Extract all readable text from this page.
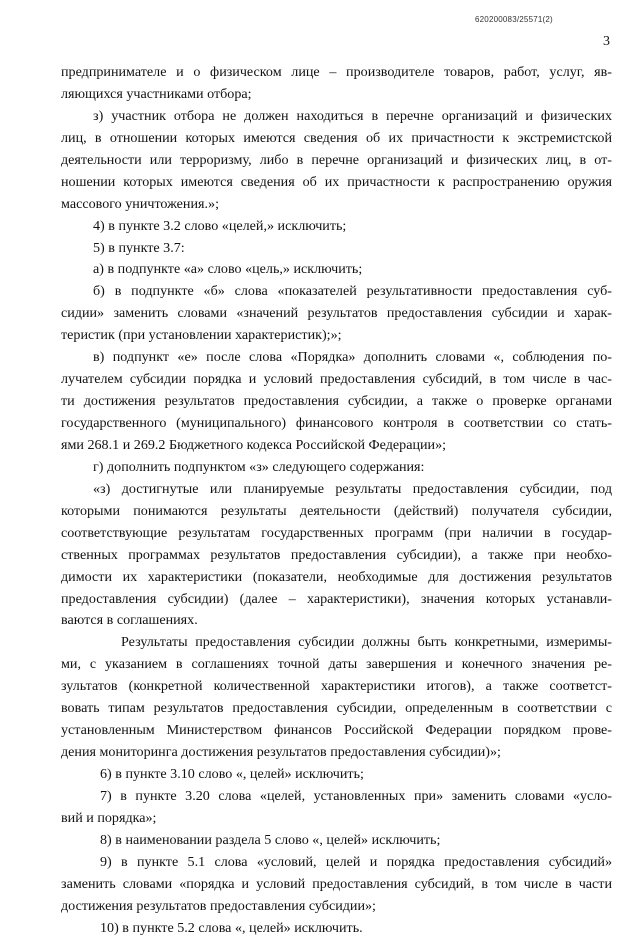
620200083/25571(2)
3
предпринимателе и о физическом лице – производителе товаров, работ, услуг, яв-
ляющихся участниками отбора;
з) участник отбора не должен находиться в перечне организаций и физических
лиц, в отношении которых имеются сведения об их причастности к экстремистской
деятельности или терроризму, либо в перечне организаций и физических лиц, в от-
ношении которых имеются сведения об их причастности к распространению оружия
массового уничтожения.»;
4) в пункте 3.2 слово «целей,» исключить;
5) в пункте 3.7:
а) в подпункте «а» слово «цель,» исключить;
б) в подпункте «б» слова «показателей результативности предоставления суб-
сидии» заменить словами «значений результатов предоставления субсидии и харак-
теристик (при установлении характеристик);»;
в) подпункт «е» после слова «Порядка» дополнить словами «, соблюдения по-
лучателем субсидии порядка и условий предоставления субсидий, в том числе в час-
ти достижения результатов предоставления субсидии, а также о проверке органами
государственного (муниципального) финансового контроля в соответствии со стать-
ями 268.1 и 269.2 Бюджетного кодекса Российской Федерации»;
г) дополнить подпунктом «з» следующего содержания:
«з) достигнутые или планируемые результаты предоставления субсидии, под
которыми понимаются результаты деятельности (действий) получателя субсидии,
соответствующие результатам государственных программ (при наличии в государ-
ственных программах результатов предоставления субсидии), а также при необхо-
димости их характеристики (показатели, необходимые для достижения результатов
предоставления субсидии) (далее – характеристики), значения которых устанавли-
ваются в соглашениях.
Результаты предоставления субсидии должны быть конкретными, измеримы-
ми, с указанием в соглашениях точной даты завершения и конечного значения ре-
зультатов (конкретной количественной характеристики итогов), а также соответст-
вовать типам результатов предоставления субсидии, определенным в соответствии с
установленным Министерством финансов Российской Федерации порядком прове-
дения мониторинга достижения результатов предоставления субсидии)»;
6) в пункте 3.10 слово «, целей» исключить;
7) в пункте 3.20 слова «целей, установленных при» заменить словами «усло-
вий и порядка»;
8) в наименовании раздела 5 слово «, целей» исключить;
9) в пункте 5.1 слова «условий, целей и порядка предоставления субсидий»
заменить словами «порядка и условий предоставления субсидий, в том числе в части
достижения результатов предоставления субсидии»;
10) в пункте 5.2 слова «, целей» исключить.
